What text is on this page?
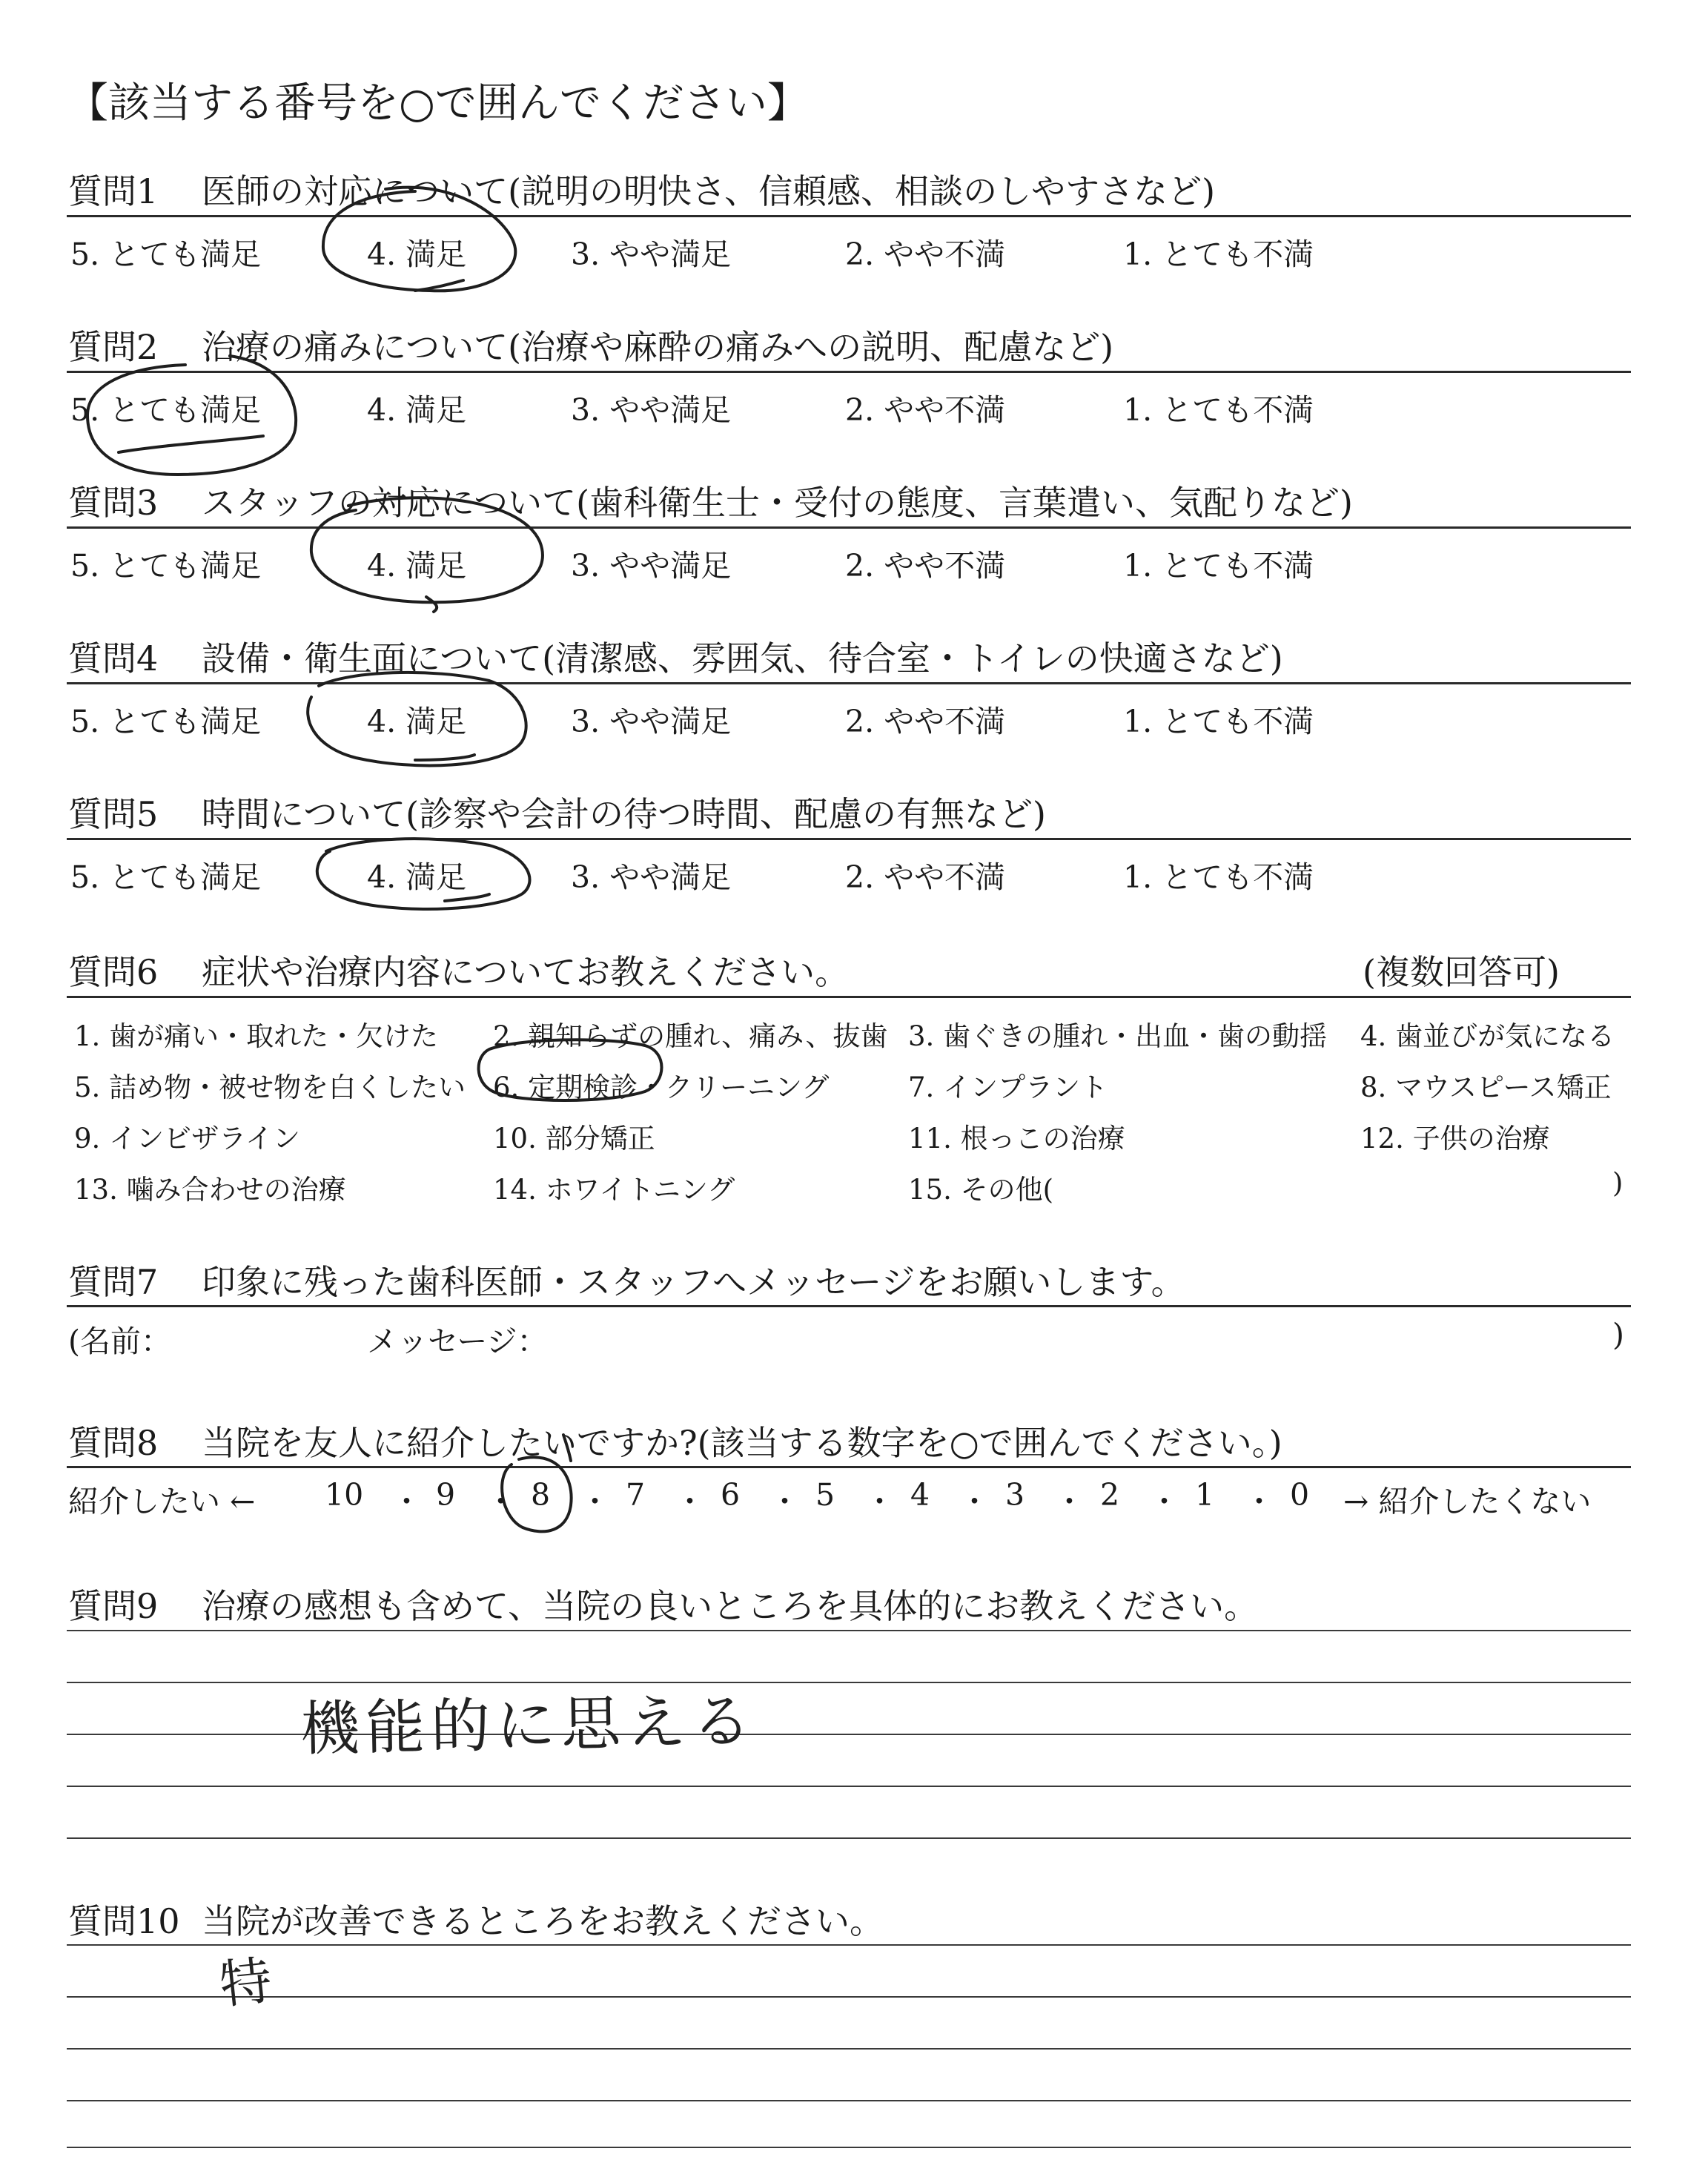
【該当する番号を○で囲んでください】
質問1 医師の対応について(説明の明快さ、信頼感、相談のしやすさなど)
5. とても満足	4. 満足	3. やや満足	2. やや不満	1. とても不満
質問2 治療の痛みについて(治療や麻酔の痛みへの説明、配慮など)
5. とても満足	4. 満足	3. やや満足	2. やや不満	1. とても不満
質問3 スタッフの対応について(歯科衛生士・受付の態度、言葉遣い、気配りなど)
5. とても満足	4. 満足	3. やや満足	2. やや不満	1. とても不満
質問4 設備・衛生面について(清潔感、雰囲気、待合室・トイレの快適さなど)
5. とても満足	4. 満足	3. やや満足	2. やや不満	1. とても不満
質問5 時間について(診察や会計の待つ時間、配慮の有無など)
5. とても満足	4. 満足	3. やや満足	2. やや不満	1. とても不満
質問6 症状や治療内容についてお教えください。	(複数回答可)
1. 歯が痛い・取れた・欠けた 2. 親知らずの腫れ、痛み、抜歯 3. 歯ぐきの腫れ・出血・歯の動揺 4. 歯並びが気になる
5. 詰め物・被せ物を白くしたい 6. 定期検診・クリーニング	7. インプラント	8. マウスピース矯正
9. インビザライン	10. 部分矯正	11. 根っこの治療	12. 子供の治療
13. 噛み合わせの治療	14. ホワイトニング	15. その他(	)
質問7 印象に残った歯科医師・スタッフへメッセージをお願いします。
(名前：	メッセージ：	)
質問8 当院を友人に紹介したいですか?(該当する数字を○で囲んでください。)
紹介したい ←	→ 紹介したくない
10 ・ 9 ・ 8 ・ 7 ・ 6 ・ 5 ・ 4 ・ 3 ・ 2 ・ 1 ・ 0
質問9 治療の感想も含めて、当院の良いところを具体的にお教えください。
機能的に思える
質問10 当院が改善できるところをお教えください。
特
